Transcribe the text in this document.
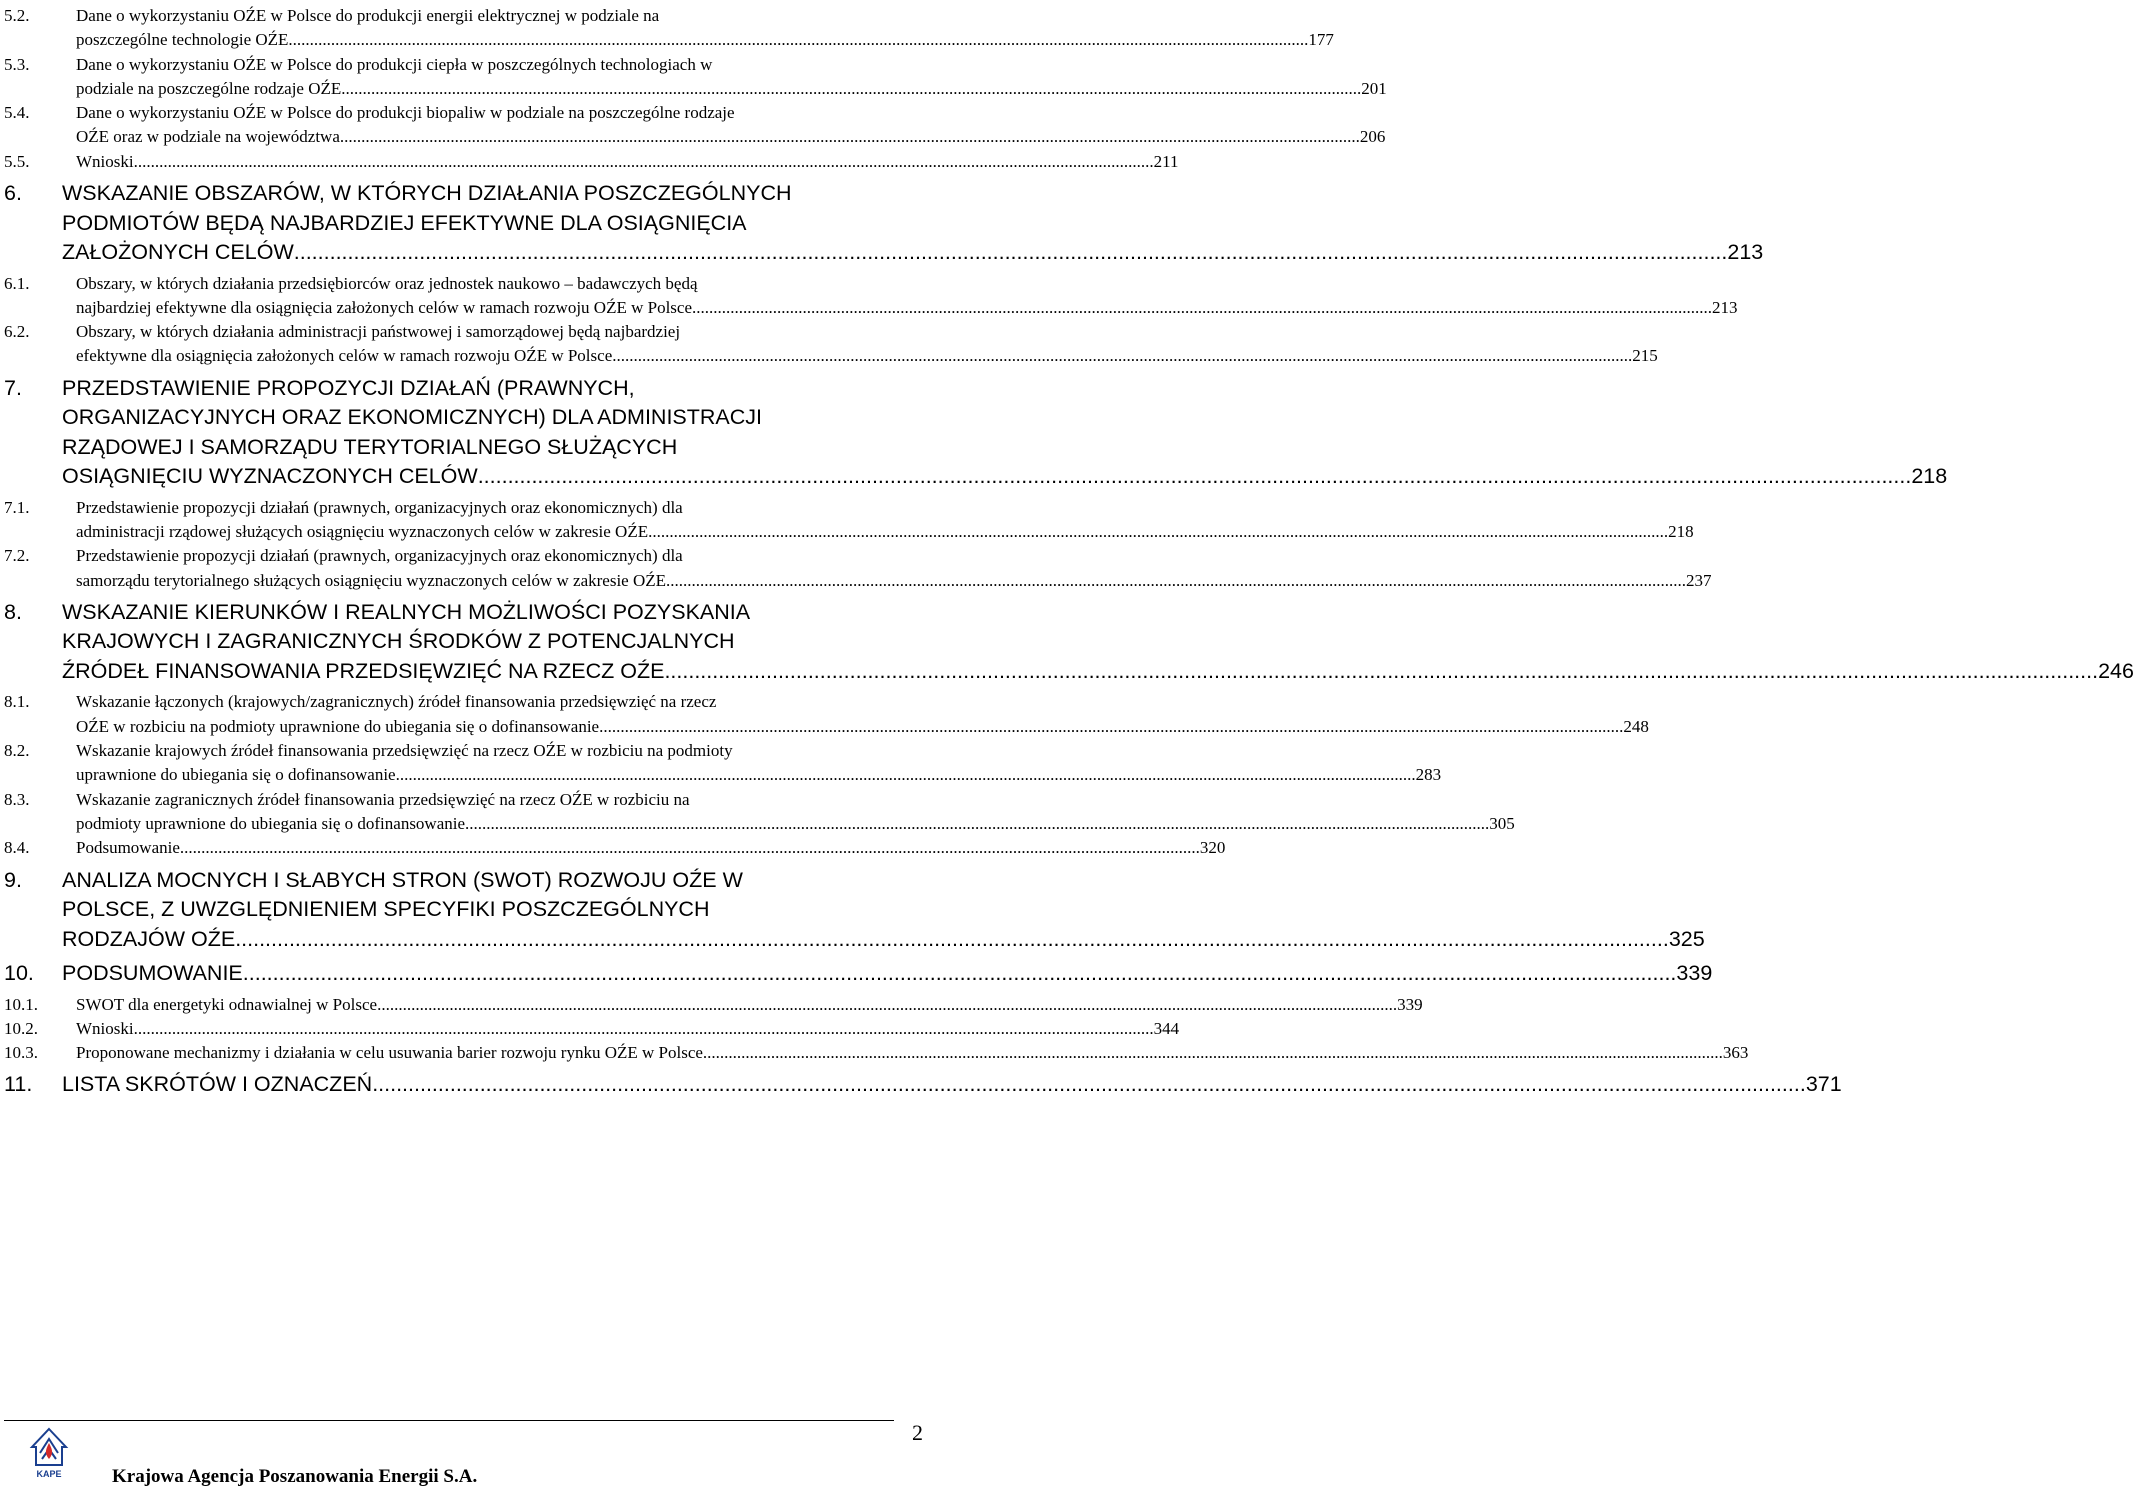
5.2.	Dane o wykorzystaniu OŹE w Polsce do produkcji energii elektrycznej w podziale na
poszczególne technologie OŹE .....	177
5.3.	Dane o wykorzystaniu OŹE w Polsce do produkcji ciepła w poszczególnych technologiach w
podziale na poszczególne rodzaje OŹE .....	201
5.4.	Dane o wykorzystaniu OŹE w Polsce do produkcji biopaliw w podziale na poszczególne rodzaje
OŹE oraz w podziale na województwa .....	206
5.5.	Wnioski .....	211
6.	WSKAZANIE OBSZARÓW, W KTÓRYCH DZIAŁANIA POSZCZEGÓLNYCH
PODMIOTÓW BĘDĄ NAJBARDZIEJ EFEKTYWNE DLA OSIĄGNIĘCIA
ZAŁOŻONYCH CELÓW .....	213
6.1.	Obszary, w których działania przedsiębiorców oraz jednostek naukowo – badawczych będą
najbardziej efektywne dla osiągnięcia założonych celów w ramach rozwoju OŹE w Polsce .....	213
6.2.	Obszary, w których działania administracji państwowej i samorządowej będą najbardziej
efektywne dla osiągnięcia założonych celów w ramach rozwoju OŹE w Polsce .....	215
7.	PRZEDSTAWIENIE PROPOZYCJI DZIAŁAŃ (PRAWNYCH,
ORGANIZACYJNYCH ORAZ EKONOMICZNYCH) DLA ADMINISTRACJI
RZĄDOWEJ I SAMORZĄDU TERYTORIALNEGO SŁUŻĄCYCH
OSIĄGNIĘCIU WYZNACZONYCH CELÓW .....	218
7.1.	Przedstawienie propozycji działań (prawnych, organizacyjnych oraz ekonomicznych) dla
administracji rządowej służących osiągnięciu wyznaczonych celów w zakresie OŹE .....	218
7.2.	Przedstawienie propozycji działań (prawnych, organizacyjnych oraz ekonomicznych) dla
samorządu terytorialnego służących osiągnięciu wyznaczonych celów w zakresie OŹE .....	237
8.	WSKAZANIE KIERUNKÓW I REALNYCH MOŻLIWOŚCI POZYSKANIA
KRAJOWYCH I ZAGRANICZNYCH ŚRODKÓW Z POTENCJALNYCH
ŹRÓDEŁ FINANSOWANIA PRZEDSIĘWZIĘĆ NA RZECZ OŹE .....	246
8.1.	Wskazanie łączonych (krajowych/zagranicznych) źródeł finansowania przedsięwzięć na rzecz
OŹE w rozbiciu na podmioty uprawnione do ubiegania się o dofinansowanie. .....	248
8.2.	Wskazanie krajowych źródeł finansowania przedsięwzięć na rzecz OŹE w rozbiciu na podmioty
uprawnione do ubiegania się o dofinansowanie .....	283
8.3.	Wskazanie zagranicznych źródeł finansowania przedsięwzięć na rzecz OŹE w rozbiciu na
podmioty uprawnione do ubiegania się o dofinansowanie. .....	305
8.4.	Podsumowanie .....	320
9.	ANALIZA MOCNYCH I SŁABYCH STRON (SWOT) ROZWOJU OŹE W
POLSCE, Z UWZGLĘDNIENIEM SPECYFIKI POSZCZEGÓLNYCH
RODZAJÓW OŹE .....	325
10.	PODSUMOWANIE .....	339
10.1.	SWOT dla energetyki odnawialnej w Polsce .....	339
10.2.	Wnioski .....	344
10.3.	Proponowane mechanizmy i działania w celu usuwania barier rozwoju rynku OŹE w Polsce .....	363
11.	LISTA SKRÓTÓW I OZNACZEŃ .....	371
KAPE
2
Krajowa Agencja Poszanowania Energii S.A.
